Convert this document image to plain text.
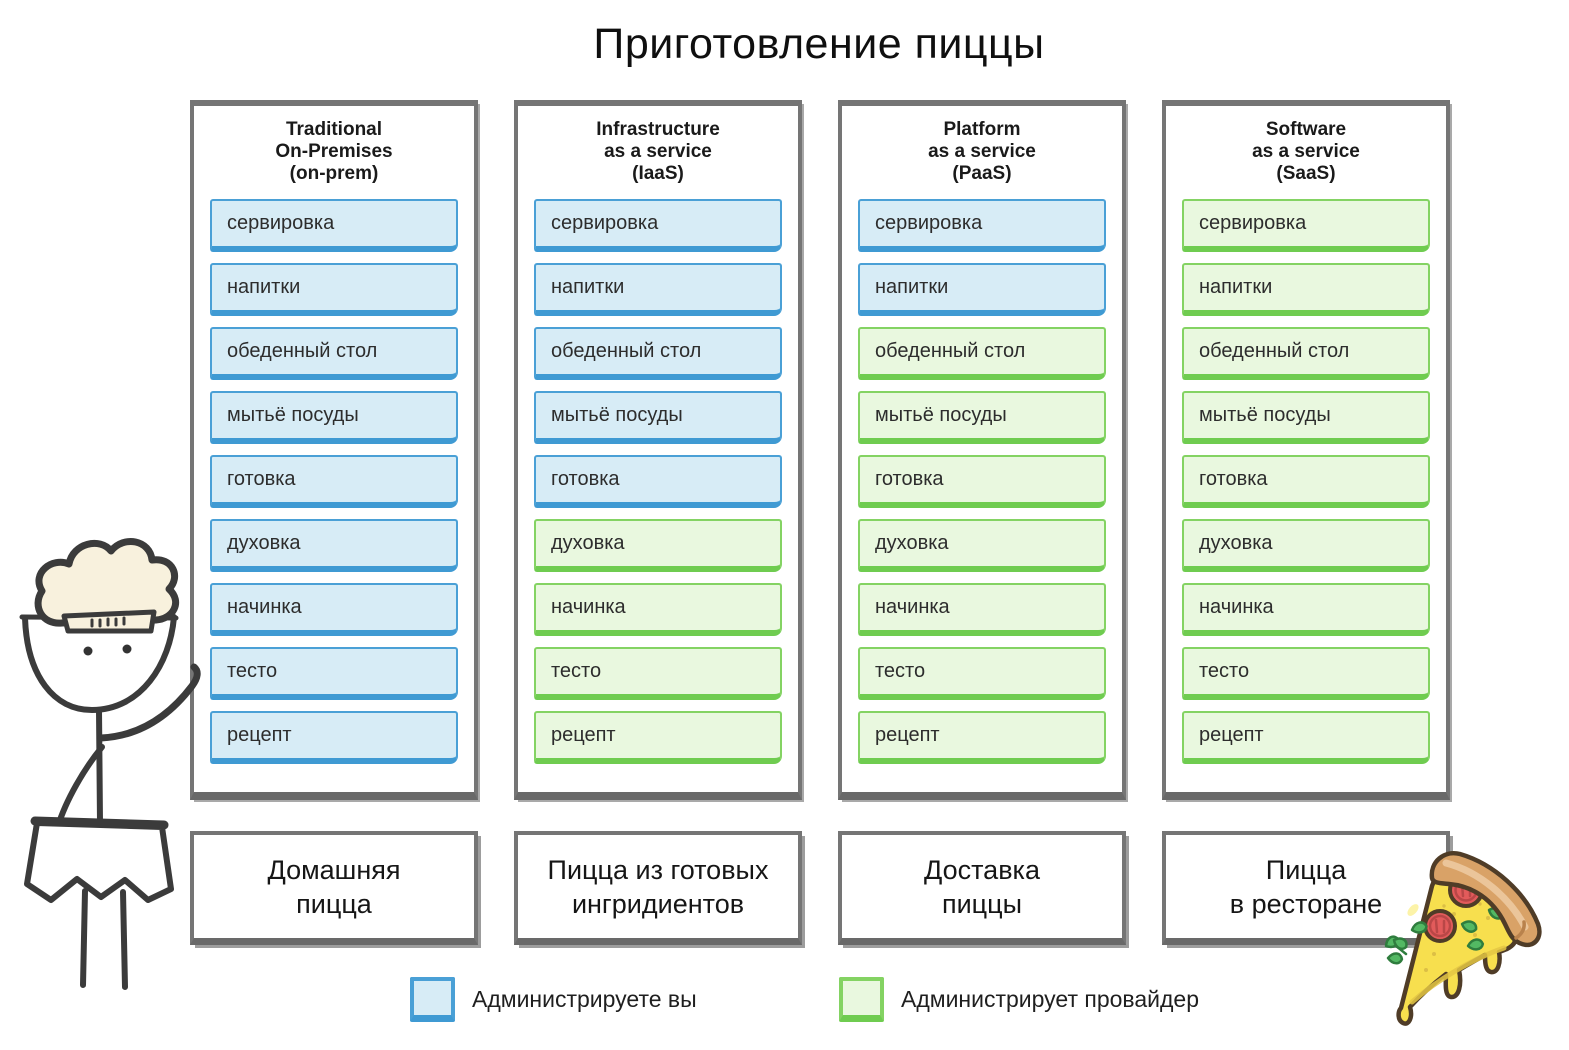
Приготовление пиццы
Traditional
On-Premises
(on-prem)
сервировка
напитки
обеденный стол
мытьё посуды
готовка
духовка
начинка
тесто
рецепт
Infrastructure
as a service
(IaaS)
сервировка
напитки
обеденный стол
мытьё посуды
готовка
духовка
начинка
тесто
рецепт
Platform
as a service
(PaaS)
сервировка
напитки
обеденный стол
мытьё посуды
готовка
духовка
начинка
тесто
рецепт
Software
as a service
(SaaS)
сервировка
напитки
обеденный стол
мытьё посуды
готовка
духовка
начинка
тесто
рецепт
Домашняя
пицца
Пицца из готовых
ингридиентов
Доставка
пиццы
Пицца
в ресторане
Администрируете вы	Администрирует провайдер
